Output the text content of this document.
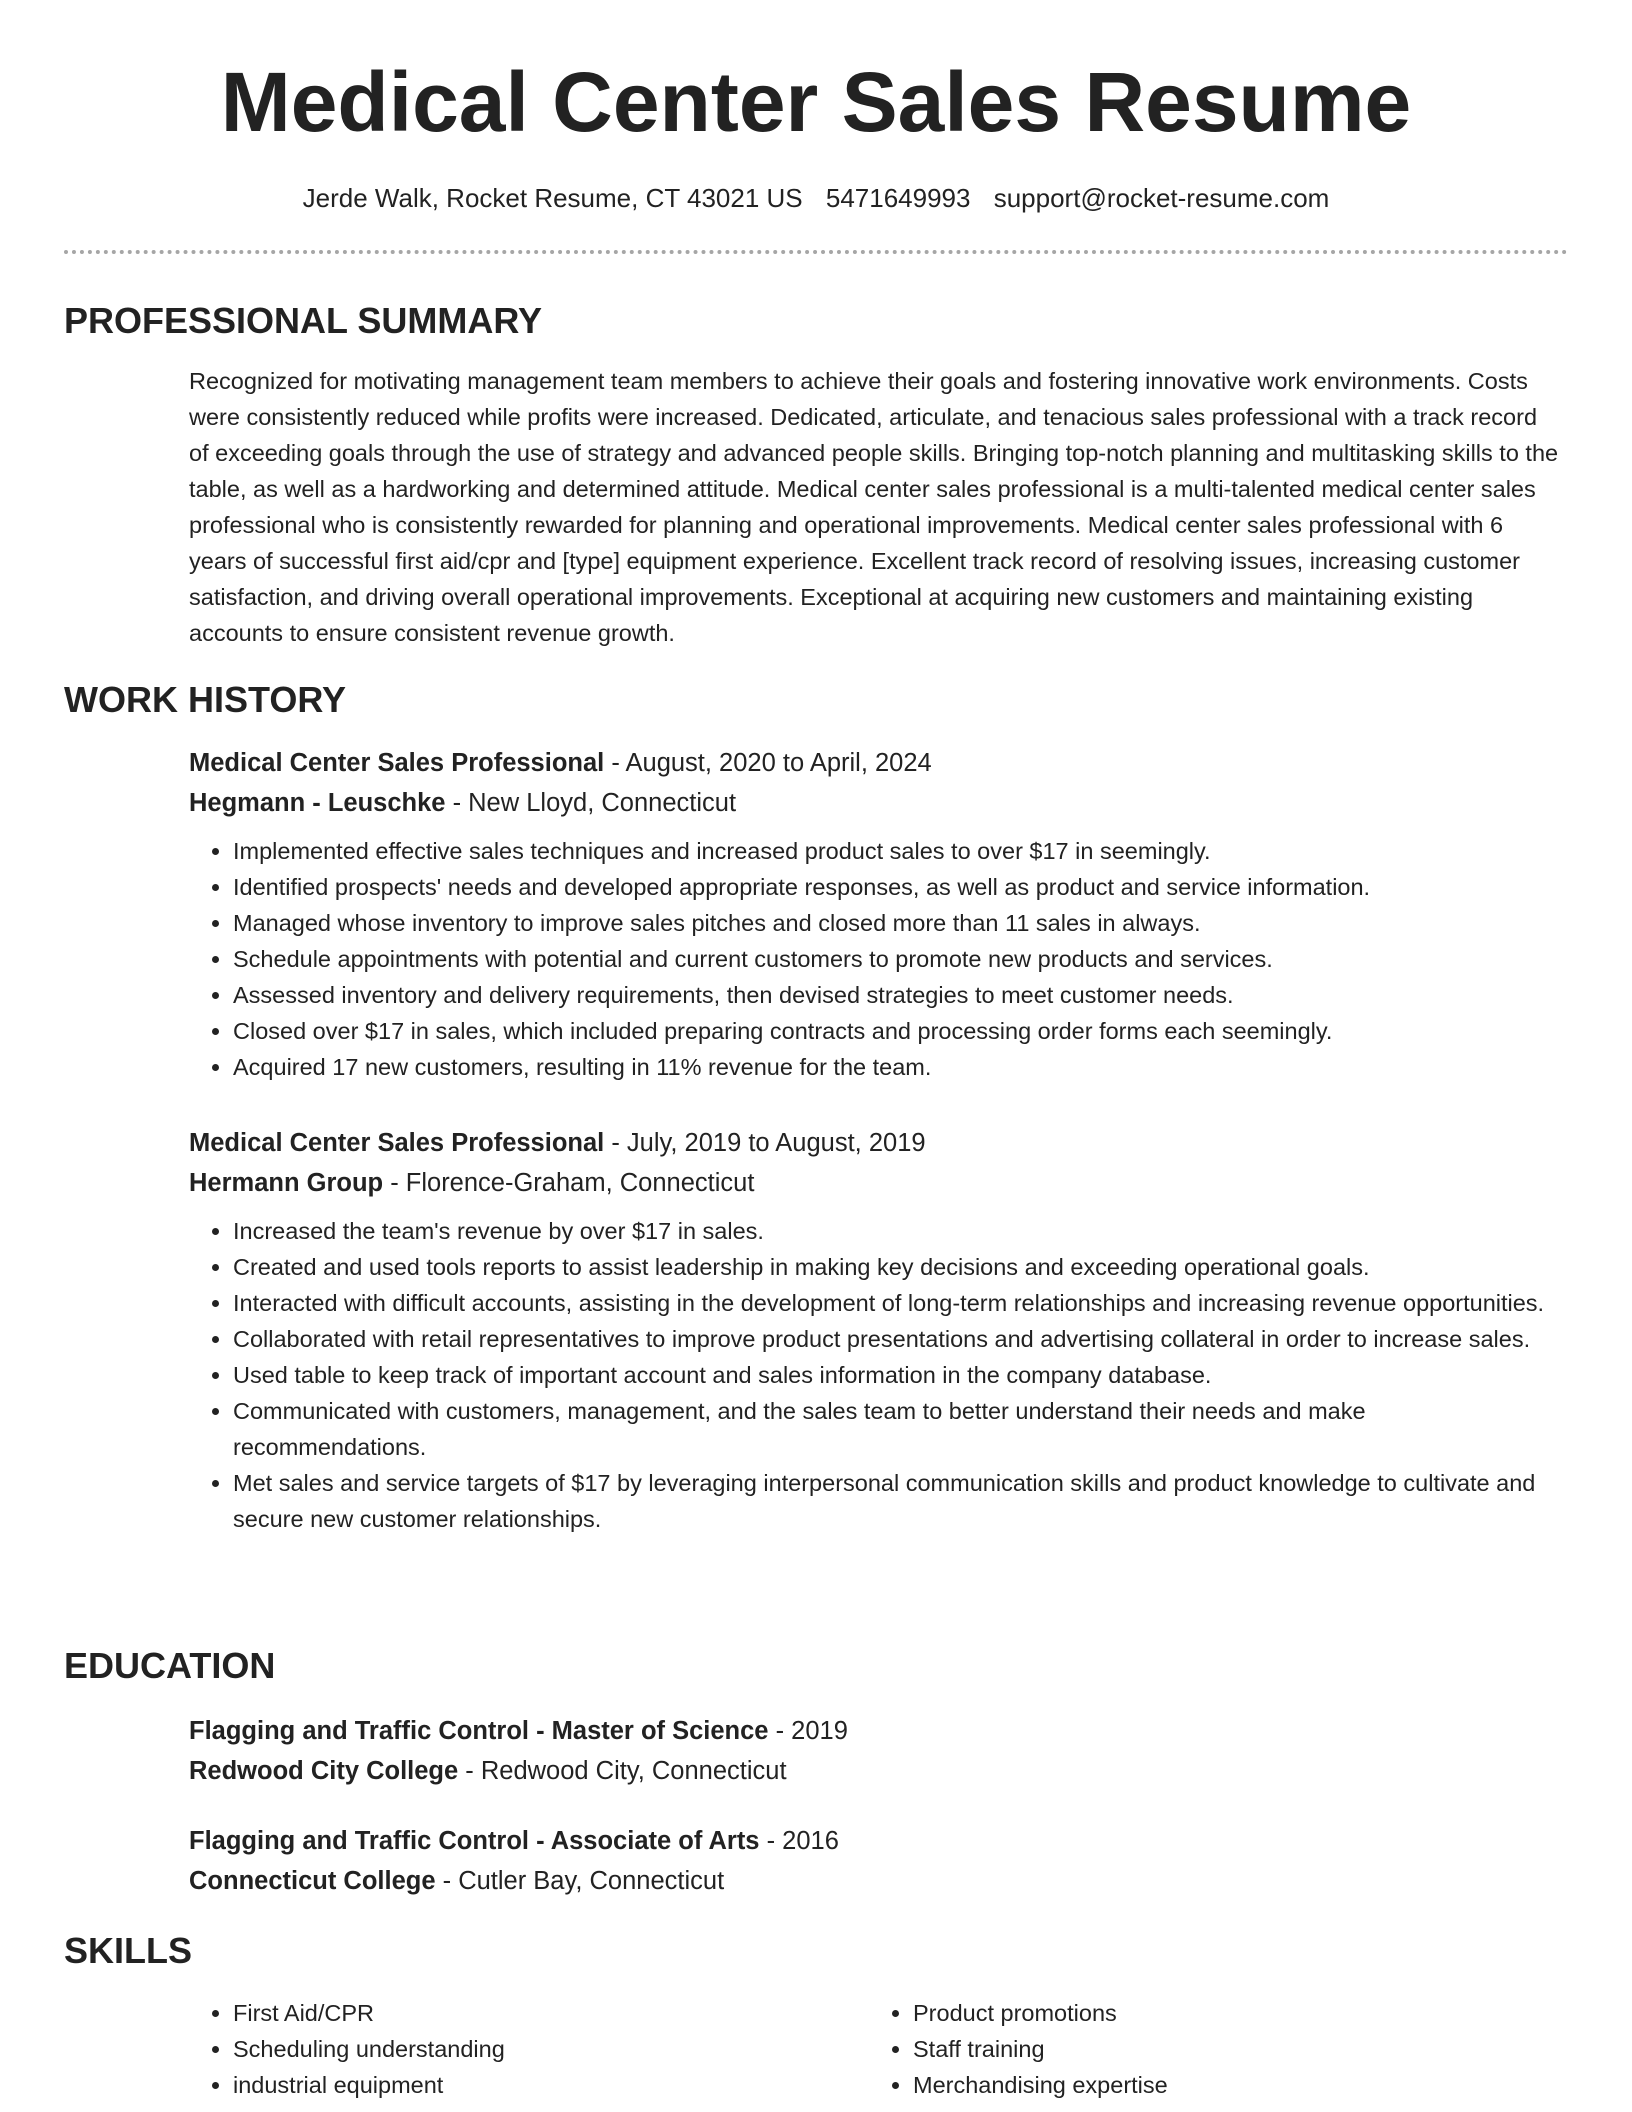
Medical Center Sales Resume
Jerde Walk, Rocket Resume, CT 43021 US 5471649993 support@rocket-resume.com
PROFESSIONAL SUMMARY

Recognized for motivating management team members to achieve their goals and fostering innovative work environments. Costs were consistently reduced while profits were increased. Dedicated, articulate, and tenacious sales professional with a track record of exceeding goals through the use of strategy and advanced people skills. Bringing top-notch planning and multitasking skills to the table, as well as a hardworking and determined attitude. Medical center sales professional is a multi-talented medical center sales professional who is consistently rewarded for planning and operational improvements. Medical center sales professional with 6 years of successful first aid/cpr and [type] equipment experience. Excellent track record of resolving issues, increasing customer satisfaction, and driving overall operational improvements. Exceptional at acquiring new customers and maintaining existing accounts to ensure consistent revenue growth.

WORK HISTORY
Medical Center Sales Professional - August, 2020 to April, 2024
Hegmann - Leuschke - New Lloyd, Connecticut
• Implemented effective sales techniques and increased product sales to over $17 in seemingly.
• Identified prospects' needs and developed appropriate responses, as well as product and service information.
• Managed whose inventory to improve sales pitches and closed more than 11 sales in always.
• Schedule appointments with potential and current customers to promote new products and services.
• Assessed inventory and delivery requirements, then devised strategies to meet customer needs.
• Closed over $17 in sales, which included preparing contracts and processing order forms each seemingly.
• Acquired 17 new customers, resulting in 11% revenue for the team.
Medical Center Sales Professional - July, 2019 to August, 2019
Hermann Group - Florence-Graham, Connecticut
• Increased the team's revenue by over $17 in sales.
• Created and used tools reports to assist leadership in making key decisions and exceeding operational goals.
• Interacted with difficult accounts, assisting in the development of long-term relationships and increasing revenue opportunities.
• Collaborated with retail representatives to improve product presentations and advertising collateral in order to increase sales.
• Used table to keep track of important account and sales information in the company database.
• Communicated with customers, management, and the sales team to better understand their needs and make recommendations.
• Met sales and service targets of $17 by leveraging interpersonal communication skills and product knowledge to cultivate and secure new customer relationships.
EDUCATION
Flagging and Traffic Control - Master of Science - 2019
Redwood City College - Redwood City, Connecticut
Flagging and Traffic Control - Associate of Arts - 2016
Connecticut College - Cutler Bay, Connecticut
SKILLS
• First Aid/CPR
• Scheduling understanding
• industrial equipment
• Product promotions
• Staff training
• Merchandising expertise
